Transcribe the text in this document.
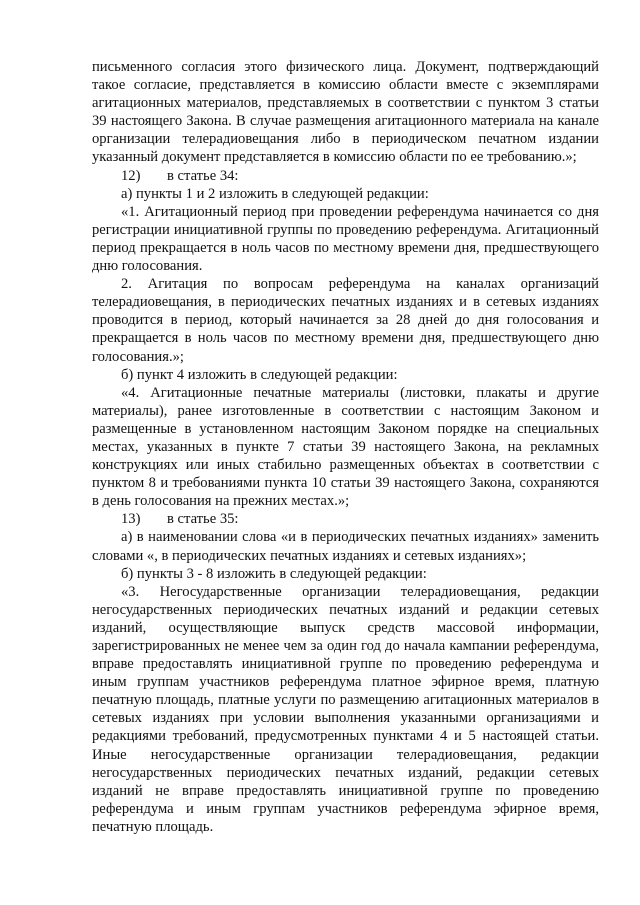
письменного согласия этого физического лица. Документ, подтверждающий такое согласие, представляется в комиссию области вместе с экземплярами агитационных материалов, представляемых в соответствии с пунктом 3 статьи 39 настоящего Закона. В случае размещения агитационного материала на канале организации телерадиовещания либо в периодическом печатном издании указанный документ представляется в комиссию области по ее требованию.»;

12) в статье 34:

а) пункты 1 и 2 изложить в следующей редакции:

«1. Агитационный период при проведении референдума начинается со дня регистрации инициативной группы по проведению референдума. Агитационный период прекращается в ноль часов по местному времени дня, предшествующего дню голосования.

2. Агитация по вопросам референдума на каналах организаций телерадиовещания, в периодических печатных изданиях и в сетевых изданиях проводится в период, который начинается за 28 дней до дня голосования и прекращается в ноль часов по местному времени дня, предшествующего дню голосования.»;

б) пункт 4 изложить в следующей редакции:

«4. Агитационные печатные материалы (листовки, плакаты и другие материалы), ранее изготовленные в соответствии с настоящим Законом и размещенные в установленном настоящим Законом порядке на специальных местах, указанных в пункте 7 статьи 39 настоящего Закона, на рекламных конструкциях или иных стабильно размещенных объектах в соответствии с пунктом 8 и требованиями пункта 10 статьи 39 настоящего Закона, сохраняются в день голосования на прежних местах.»;

13) в статье 35:

а) в наименовании слова «и в периодических печатных изданиях» заменить словами «, в периодических печатных изданиях и сетевых изданиях»;

б) пункты 3 - 8 изложить в следующей редакции:

«3. Негосударственные организации телерадиовещания, редакции негосударственных периодических печатных изданий и редакции сетевых изданий, осуществляющие выпуск средств массовой информации, зарегистрированных не менее чем за один год до начала кампании референдума, вправе предоставлять инициативной группе по проведению референдума и иным группам участников референдума платное эфирное время, платную печатную площадь, платные услуги по размещению агитационных материалов в сетевых изданиях при условии выполнения указанными организациями и редакциями требований, предусмотренных пунктами 4 и 5 настоящей статьи. Иные негосударственные организации телерадиовещания, редакции негосударственных периодических печатных изданий, редакции сетевых изданий не вправе предоставлять инициативной группе по проведению референдума и иным группам участников референдума эфирное время, печатную площадь.
